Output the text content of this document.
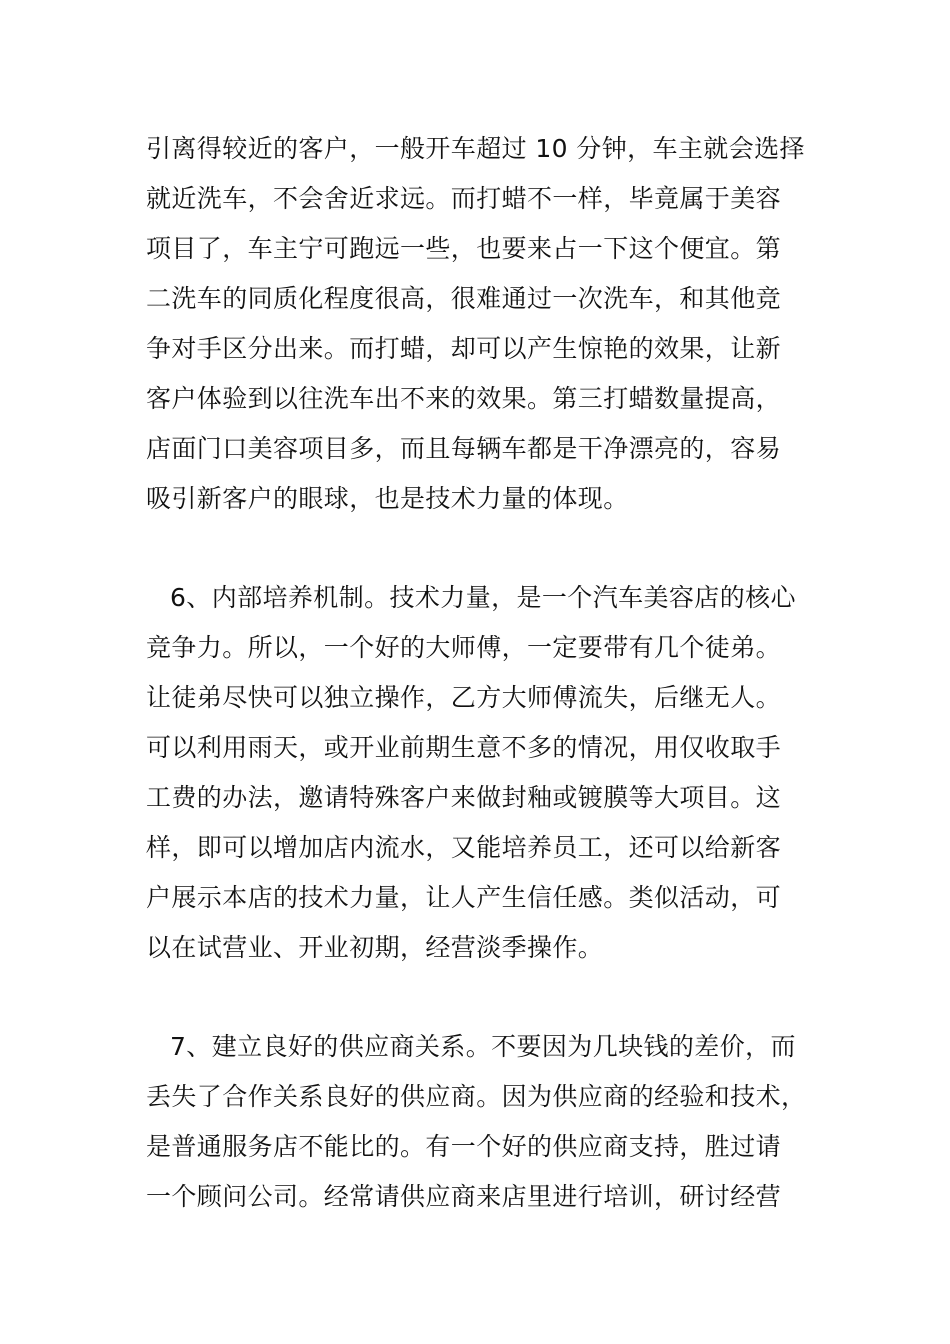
引离得较近的客户，一般开车超过 10 分钟，车主就会选择
就近洗车，不会舍近求远。而打蜡不一样，毕竟属于美容
项目了，车主宁可跑远一些，也要来占一下这个便宜。第
二洗车的同质化程度很高，很难通过一次洗车，和其他竞
争对手区分出来。而打蜡，却可以产生惊艳的效果，让新
客户体验到以往洗车出不来的效果。第三打蜡数量提高，
店面门口美容项目多，而且每辆车都是干净漂亮的，容易
吸引新客户的眼球，也是技术力量的体现。
6、内部培养机制。技术力量，是一个汽车美容店的核心
竞争力。所以，一个好的大师傅，一定要带有几个徒弟。
让徒弟尽快可以独立操作，乙方大师傅流失，后继无人。
可以利用雨天，或开业前期生意不多的情况，用仅收取手
工费的办法，邀请特殊客户来做封釉或镀膜等大项目。这
样，即可以增加店内流水，又能培养员工，还可以给新客
户展示本店的技术力量，让人产生信任感。类似活动，可
以在试营业、开业初期，经营淡季操作。
7、建立良好的供应商关系。不要因为几块钱的差价，而
丢失了合作关系良好的供应商。因为供应商的经验和技术，
是普通服务店不能比的。有一个好的供应商支持，胜过请
一个顾问公司。经常请供应商来店里进行培训，研讨经营
